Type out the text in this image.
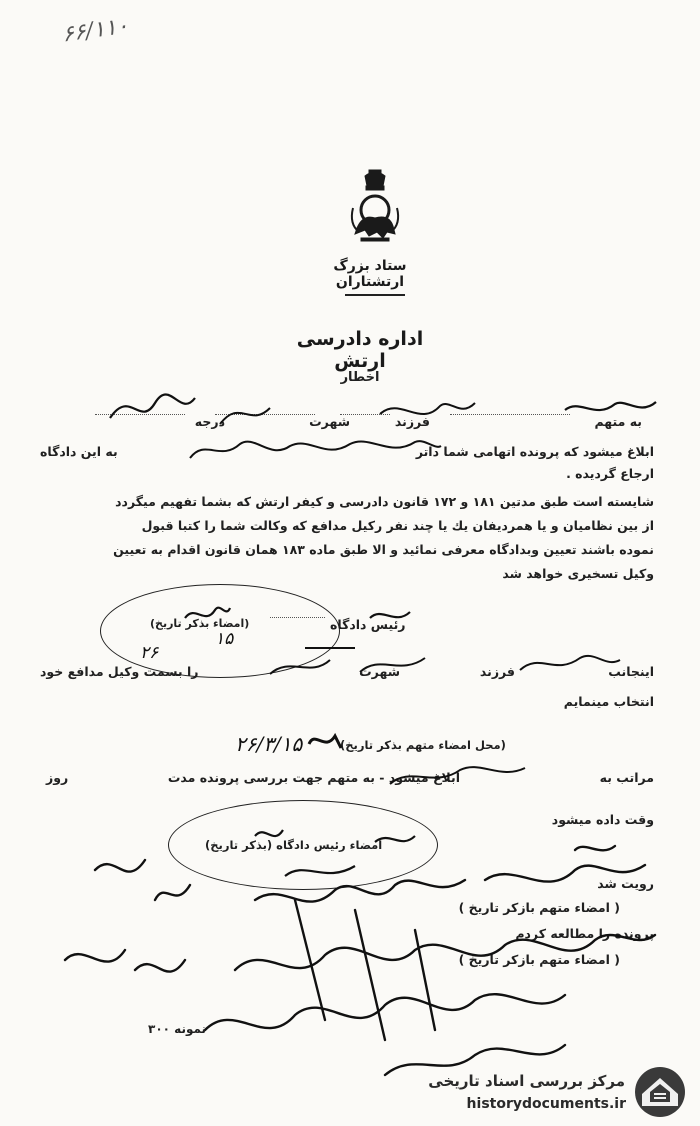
۶۶/۱۱۰
ستاد بزرگ ارتشتاران
اداره دادرسی ارتش
اخطار
به متهم
فرزند
شهرت
درجه
ابلاغ میشود که پرونده اتهامی شما داتر
به این دادگاه
ارجاع گردیده .
شایسته است طبق مدتین ۱۸۱ و ۱۷۲ قانون دادرسی و کیفر ارتش که بشما تفهیم میگردد
از بین نظامیان و یا همردیفان یك یا چند نفر رکیل مدافع که وکالت شما را کتبا قبول
نموده باشند تعیین وبدادگاه معرفی نمائید و الا طبق ماده ۱۸۳ همان قانون اقدام به تعیین
وکیل تسخیری خواهد شد
رئیس دادگاه
(امضاء بذکر تاریخ)
۱۵
۲۶
اینجانب
فرزند
شهرت
را بسمت وکیل مدافع خود
انتخاب مینمایم
(محل امضاء متهم بذکر تاریخ)
۲۶/۳/۱۵
مراتب به
ابلاغ میشود - به متهم جهت بررسی پرونده مدت
روز
وقت داده میشود
امضاء رئیس دادگاه (بذکر تاریخ)
رویت شد
( امضاء متهم بازکر تاریخ )
پرونده را مطالعه کردم
( امضاء متهم بازکر تاریخ )
نمونه ۳۰۰
مرکز بررسی اسناد تاریخی
historydocuments.ir
